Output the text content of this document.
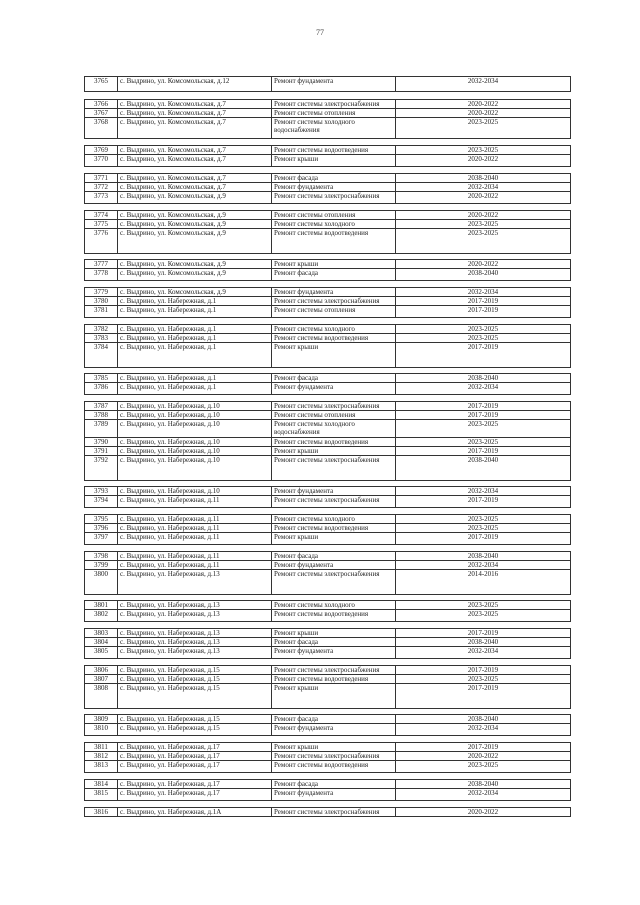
77
3765	с. Выдрино, ул. Комсомольская, д.12	Ремонт фундамента	2032-2034

3766	с. Выдрино, ул. Комсомольская, д.7	Ремонт системы электроснабжения	2020-2022
3767	с. Выдрино, ул. Комсомольская, д.7	Ремонт системы отопления	2020-2022
3768	с. Выдрино, ул. Комсомольская, д.7	Ремонт системы холодного водоснабжения	2023-2025

3769	с. Выдрино, ул. Комсомольская, д.7	Ремонт системы водоотведения	2023-2025
3770	с. Выдрино, ул. Комсомольская, д.7	Ремонт крыши	2020-2022

3771	с. Выдрино, ул. Комсомольская, д.7	Ремонт фасада	2038-2040
3772	с. Выдрино, ул. Комсомольская, д.7	Ремонт фундамента	2032-2034
3773	с. Выдрино, ул. Комсомольская, д.9	Ремонт системы электроснабжения	2020-2022

3774	с. Выдрино, ул. Комсомольская, д.9	Ремонт системы отопления	2020-2022
3775	с. Выдрино, ул. Комсомольская, д.9	Ремонт системы холодного	2023-2025
3776	с. Выдрино, ул. Комсомольская, д.9	Ремонт системы водоотведения	2023-2025

3777	с. Выдрино, ул. Комсомольская, д.9	Ремонт крыши	2020-2022
3778	с. Выдрино, ул. Комсомольская, д.9	Ремонт фасада	2038-2040

3779	с. Выдрино, ул. Комсомольская, д.9	Ремонт фундамента	2032-2034
3780	с. Выдрино, ул. Набережная, д.1	Ремонт системы электроснабжения	2017-2019
3781	с. Выдрино, ул. Набережная, д.1	Ремонт системы отопления	2017-2019

3782	с. Выдрино, ул. Набережная, д.1	Ремонт системы холодного	2023-2025
3783	с. Выдрино, ул. Набережная, д.1	Ремонт системы водоотведения	2023-2025
3784	с. Выдрино, ул. Набережная, д.1	Ремонт крыши	2017-2019

3785	с. Выдрино, ул. Набережная, д.1	Ремонт фасада	2038-2040
3786	с. Выдрино, ул. Набережная, д.1	Ремонт фундамента	2032-2034

3787	с. Выдрино, ул. Набережная, д.10	Ремонт системы электроснабжения	2017-2019
3788	с. Выдрино, ул. Набережная, д.10	Ремонт системы отопления	2017-2019
3789	с. Выдрино, ул. Набережная, д.10	Ремонт системы холодного водоснабжения	2023-2025
3790	с. Выдрино, ул. Набережная, д.10	Ремонт системы водоотведения	2023-2025
3791	с. Выдрино, ул. Набережная, д.10	Ремонт крыши	2017-2019
3792	с. Выдрино, ул. Набережная, д.10	Ремонт системы электроснабжения	2038-2040

3793	с. Выдрино, ул. Набережная, д.10	Ремонт фундамента	2032-2034
3794	с. Выдрино, ул. Набережная, д.11	Ремонт системы электроснабжения	2017-2019

3795	с. Выдрино, ул. Набережная, д.11	Ремонт системы холодного	2023-2025
3796	с. Выдрино, ул. Набережная, д.11	Ремонт системы водоотведения	2023-2025
3797	с. Выдрино, ул. Набережная, д.11	Ремонт крыши	2017-2019

3798	с. Выдрино, ул. Набережная, д.11	Ремонт фасада	2038-2040
3799	с. Выдрино, ул. Набережная, д.11	Ремонт фундамента	2032-2034
3800	с. Выдрино, ул. Набережная, д.13	Ремонт системы электроснабжения	2014-2016

3801	с. Выдрино, ул. Набережная, д.13	Ремонт системы холодного	2023-2025
3802	с. Выдрино, ул. Набережная, д.13	Ремонт системы водоотведения	2023-2025

3803	с. Выдрино, ул. Набережная, д.13	Ремонт крыши	2017-2019
3804	с. Выдрино, ул. Набережная, д.13	Ремонт фасада	2038-2040
3805	с. Выдрино, ул. Набережная, д.13	Ремонт фундамента	2032-2034

3806	с. Выдрино, ул. Набережная, д.15	Ремонт системы электроснабжения	2017-2019
3807	с. Выдрино, ул. Набережная, д.15	Ремонт системы водоотведения	2023-2025
3808	с. Выдрино, ул. Набережная, д.15	Ремонт крыши	2017-2019

3809	с. Выдрино, ул. Набережная, д.15	Ремонт фасада	2038-2040
3810	с. Выдрино, ул. Набережная, д.15	Ремонт фундамента	2032-2034

3811	с. Выдрино, ул. Набережная, д.17	Ремонт крыши	2017-2019
3812	с. Выдрино, ул. Набережная, д.17	Ремонт системы электроснабжения	2020-2022
3813	с. Выдрино, ул. Набережная, д.17	Ремонт системы водоотведения	2023-2025

3814	с. Выдрино, ул. Набережная, д.17	Ремонт фасада	2038-2040
3815	с. Выдрино, ул. Набережная, д.17	Ремонт фундамента	2032-2034

3816	с. Выдрино, ул. Набережная, д.1А	Ремонт системы электроснабжения	2020-2022
